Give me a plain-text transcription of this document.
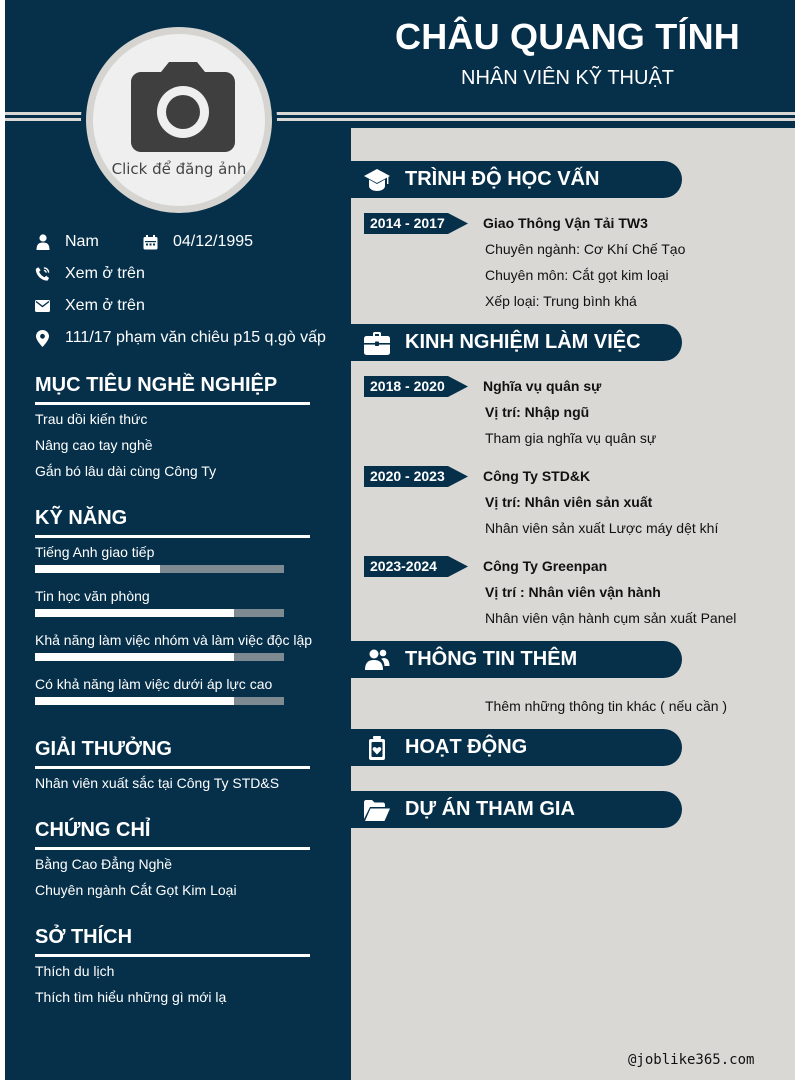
CHÂU QUANG TÍNH
NHÂN VIÊN KỸ THUẬT
Nam	04/12/1995
Xem ở trên
Xem ở trên
111/17 phạm văn chiêu p15 q.gò vấp
MỤC TIÊU NGHỀ NGHIỆP
Trau dồi kiến thức
Nâng cao tay nghề
Gắn bó lâu dài cùng Công Ty
KỸ NĂNG
Tiếng Anh giao tiếp
Tin học văn phòng
Khả năng làm việc nhóm và làm việc độc lập
Có khả năng làm việc dưới áp lực cao
GIẢI THƯỞNG
Nhân viên xuất sắc tại Công Ty STD&S
CHỨNG CHỈ
Bằng Cao Đẳng Nghề
Chuyên ngành Cắt Gọt Kim Loại
SỞ THÍCH
Thích du lịch
Thích tìm hiểu những gì mới lạ
Click để đăng ảnh	TRÌNH ĐỘ HỌC VẤN
2014 - 2017	Giao Thông Vận Tải TW3
Chuyên ngành: Cơ Khí Chế Tạo
Chuyên môn: Cắt gọt kim loại
Xếp loại: Trung bình khá
KINH NGHIỆM LÀM VIỆC
2018 - 2020	Nghĩa vụ quân sự
Vị trí: Nhập ngũ
Tham gia nghĩa vụ quân sự
2020 - 2023	Công Ty STD&K
Vị trí: Nhân viên sản xuất
Nhân viên sản xuất Lược máy dệt khí
2023-2024	Công Ty Greenpan
Vị trí : Nhân viên vận hành
Nhân viên vận hành cụm sản xuất Panel
THÔNG TIN THÊM
Thêm những thông tin khác ( nếu cần )
HOẠT ĐỘNG
DỰ ÁN THAM GIA
@joblike365.com
